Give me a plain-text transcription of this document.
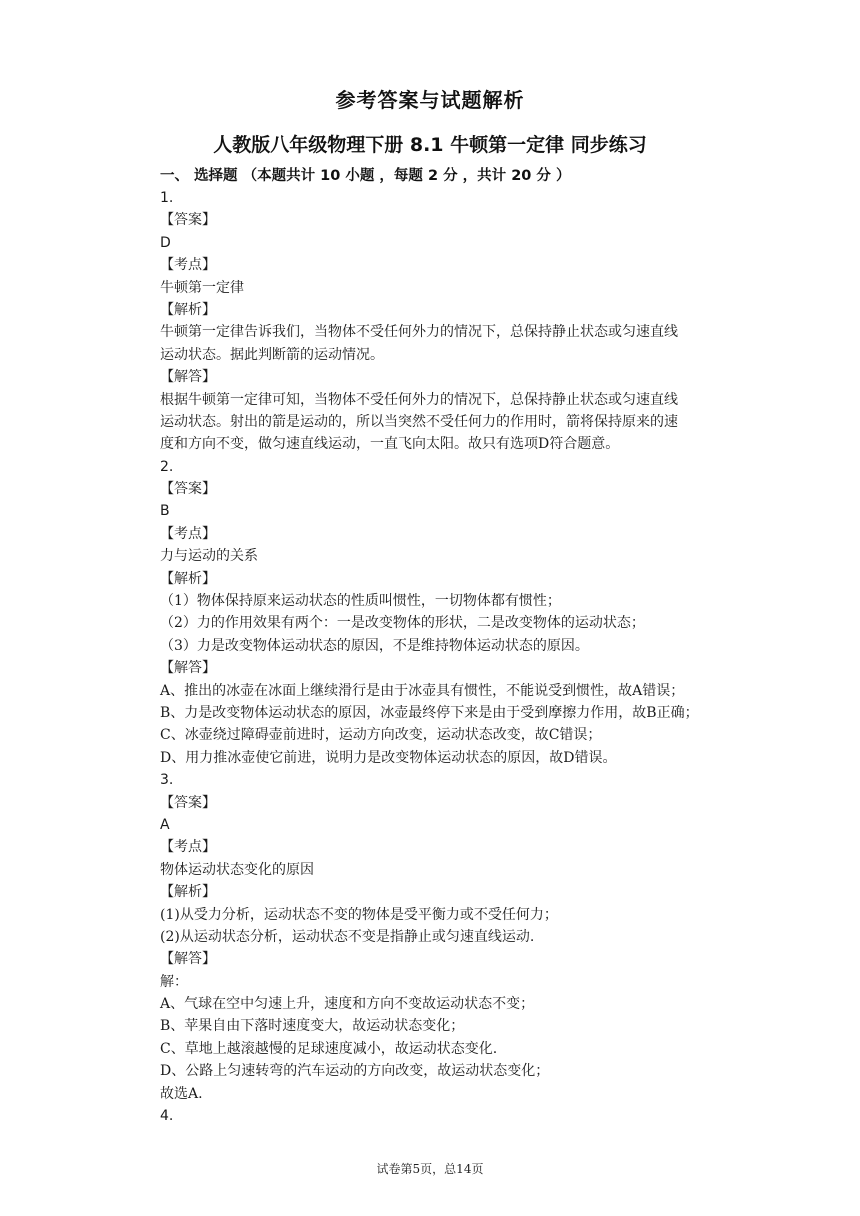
参考答案与试题解析
人教版八年级物理下册 8.1 牛顿第一定律 同步练习
一、 选择题 （本题共计 10 小题 ，每题 2 分 ，共计 20 分 ）
1.
【答案】
D
【考点】
牛顿第一定律
【解析】
牛顿第一定律告诉我们，当物体不受任何外力的情况下，总保持静止状态或匀速直线
运动状态。据此判断箭的运动情况。
【解答】
根据牛顿第一定律可知，当物体不受任何外力的情况下，总保持静止状态或匀速直线
运动状态。射出的箭是运动的，所以当突然不受任何力的作用时，箭将保持原来的速
度和方向不变，做匀速直线运动，一直飞向太阳。故只有选项D符合题意。
2.
【答案】
B
【考点】
力与运动的关系
【解析】
（1）物体保持原来运动状态的性质叫惯性，一切物体都有惯性；
（2）力的作用效果有两个：一是改变物体的形状，二是改变物体的运动状态；
（3）力是改变物体运动状态的原因，不是维持物体运动状态的原因。
【解答】
A、推出的冰壶在冰面上继续滑行是由于冰壶具有惯性，不能说受到惯性，故A错误；
B、力是改变物体运动状态的原因，冰壶最终停下来是由于受到摩擦力作用，故B正确；
C、冰壶绕过障碍壶前进时，运动方向改变，运动状态改变，故C错误；
D、用力推冰壶使它前进，说明力是改变物体运动状态的原因，故D错误。
3.
【答案】
A
【考点】
物体运动状态变化的原因
【解析】
(1)从受力分析，运动状态不变的物体是受平衡力或不受任何力；
(2)从运动状态分析，运动状态不变是指静止或匀速直线运动.
【解答】
解：
A、气球在空中匀速上升，速度和方向不变故运动状态不变；
B、苹果自由下落时速度变大，故运动状态变化；
C、草地上越滚越慢的足球速度减小，故运动状态变化.
D、公路上匀速转弯的汽车运动的方向改变，故运动状态变化；
故选A.
4.
试卷第5页，总14页
